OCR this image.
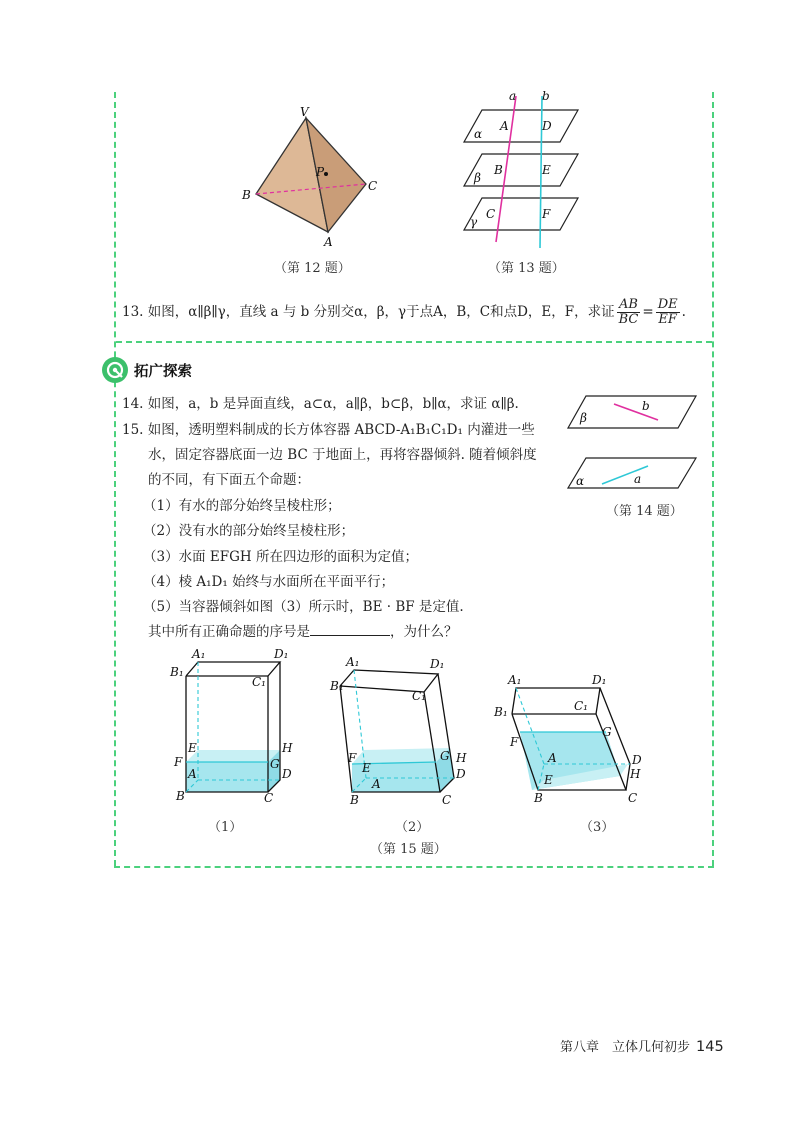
V
B
C
A
P
（第 12 题）
a b
α
β
γ
A
B
C
D
E
F
（第 13 题）
13. 如图，α∥β∥γ，直线 a 与 b 分别交α，β，γ于点A，B，C和点D，E，F，求证 $\frac{AB}{BC} = \frac{DE}{EF}$ .
拓广探索
14. 如图，a，b 是异面直线，a⊂α，a∥β，b⊂β，b∥α，求证 α∥β.
β
b
α	a
（第 14 题）
15. 如图，透明塑料制成的长方体容器 ABCD-A₁B₁C₁D₁ 内灌进一些
水，固定容器底面一边 BC 于地面上，再将容器倾斜. 随着倾斜度
的不同，有下面五个命题：
（1）有水的部分始终呈棱柱形；
（2）没有水的部分始终呈棱柱形；
（3）水面 EFGH 所在四边形的面积为定值；
（4）棱 A₁D₁ 始终与水面所在平面平行；
（5）当容器倾斜如图（3）所示时，BE · BF 是定值.
其中所有正确命题的序号是	，为什么？
A₁	D₁
B₁
C₁
E	H
F	G
A	D
B	C
（1）
A₁	D₁
B₁
C₁
G H
F
E	D
A
B	C
（2）
A₁	D₁
B₁	C₁
F
G
A	D
E	H
B	C
（3）
（第 15 题）
第八章　立体几何初步 145
